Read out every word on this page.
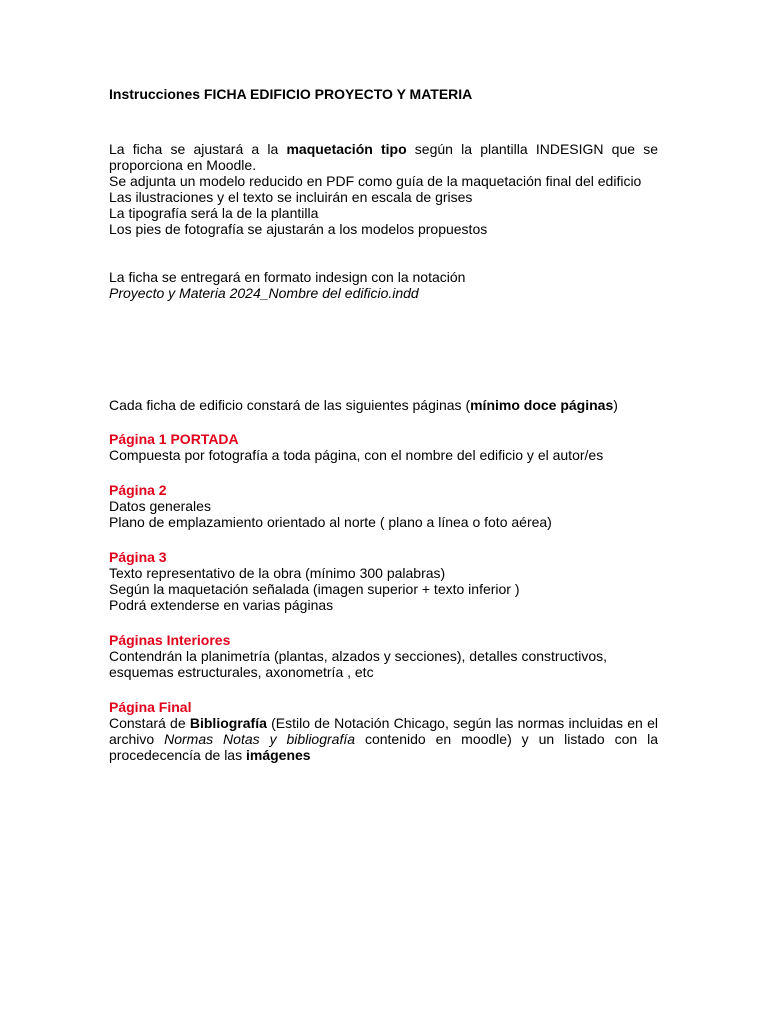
Instrucciones FICHA EDIFICIO PROYECTO Y MATERIA

La ficha se ajustará a la maquetación tipo según la plantilla INDESIGN que se proporciona en Moodle.
Se adjunta un modelo reducido en PDF como guía de la maquetación final del edificio
Las ilustraciones y el texto se incluirán en escala de grises
La tipografía será la de la plantilla
Los pies de fotografía se ajustarán a los modelos propuestos
La ficha se entregará en formato indesign con la notación
Proyecto y Materia 2024_Nombre del edificio.indd
Cada ficha de edificio constará de las siguientes páginas (mínimo doce páginas)
Página 1 PORTADA
Compuesta por fotografía a toda página, con el nombre del edificio y el autor/es
Página 2
Datos generales
Plano de emplazamiento orientado al norte ( plano a línea o foto aérea)
Página 3
Texto representativo de la obra (mínimo 300 palabras)
Según la maquetación señalada (imagen superior + texto inferior )
Podrá extenderse en varias páginas
Páginas Interiores
Contendrán la planimetría (plantas, alzados y secciones), detalles constructivos,
esquemas estructurales, axonometría , etc
Página Final
Constará de Bibliografía (Estilo de Notación Chicago, según las normas incluidas en el archivo Normas Notas y bibliografía contenido en moodle) y un listado con la procedecencía de las imágenes
